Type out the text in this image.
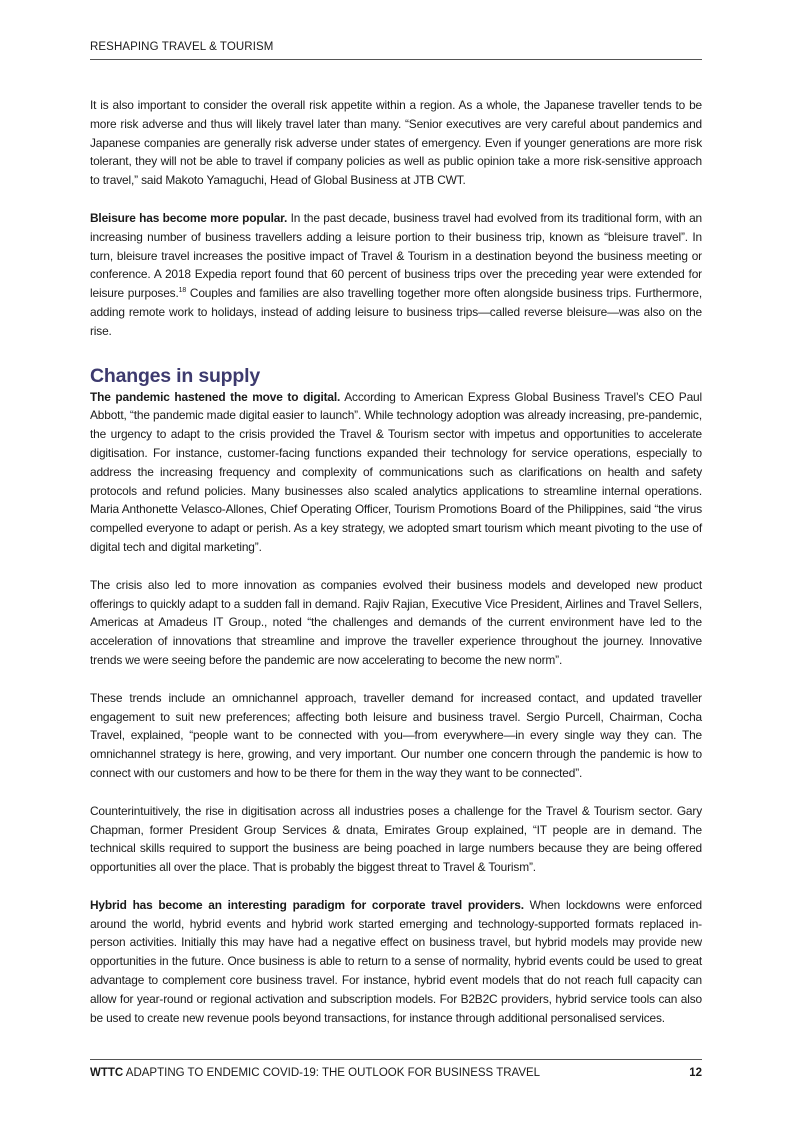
RESHAPING TRAVEL & TOURISM

It is also important to consider the overall risk appetite within a region. As a whole, the Japanese traveller tends to be more risk adverse and thus will likely travel later than many. “Senior executives are very careful about pandemics and Japanese companies are generally risk adverse under states of emergency. Even if younger generations are more risk tolerant, they will not be able to travel if company policies as well as public opinion take a more risk-sensitive approach to travel,” said Makoto Yamaguchi, Head of Global Business at JTB CWT.

Bleisure has become more popular. In the past decade, business travel had evolved from its traditional form, with an increasing number of business travellers adding a leisure portion to their business trip, known as “bleisure travel”. In turn, bleisure travel increases the positive impact of Travel & Tourism in a destination beyond the business meeting or conference. A 2018 Expedia report found that 60 percent of business trips over the preceding year were extended for leisure purposes.$^{18}$ Couples and families are also travelling together more often alongside business trips. Furthermore, adding remote work to holidays, instead of adding leisure to business trips—called reverse bleisure—was also on the rise.

Changes in supply

The pandemic hastened the move to digital. According to American Express Global Business Travel’s CEO Paul Abbott, “the pandemic made digital easier to launch”. While technology adoption was already increasing, pre-pandemic, the urgency to adapt to the crisis provided the Travel & Tourism sector with impetus and opportunities to accelerate digitisation. For instance, customer-facing functions expanded their technology for service operations, especially to address the increasing frequency and complexity of communications such as clarifications on health and safety protocols and refund policies. Many businesses also scaled analytics applications to streamline internal operations. Maria Anthonette Velasco-Allones, Chief Operating Officer, Tourism Promotions Board of the Philippines, said “the virus compelled everyone to adapt or perish. As a key strategy, we adopted smart tourism which meant pivoting to the use of digital tech and digital marketing”.

The crisis also led to more innovation as companies evolved their business models and developed new product offerings to quickly adapt to a sudden fall in demand. Rajiv Rajian, Executive Vice President, Airlines and Travel Sellers, Americas at Amadeus IT Group., noted “the challenges and demands of the current environment have led to the acceleration of innovations that streamline and improve the traveller experience throughout the journey. Innovative trends we were seeing before the pandemic are now accelerating to become the new norm”.

These trends include an omnichannel approach, traveller demand for increased contact, and updated traveller engagement to suit new preferences; affecting both leisure and business travel. Sergio Purcell, Chairman, Cocha Travel, explained, “people want to be connected with you—from everywhere—in every single way they can. The omnichannel strategy is here, growing, and very important. Our number one concern through the pandemic is how to connect with our customers and how to be there for them in the way they want to be connected”.

Counterintuitively, the rise in digitisation across all industries poses a challenge for the Travel & Tourism sector. Gary Chapman, former President Group Services & dnata, Emirates Group explained, “IT people are in demand. The technical skills required to support the business are being poached in large numbers because they are being offered opportunities all over the place. That is probably the biggest threat to Travel & Tourism”.

Hybrid has become an interesting paradigm for corporate travel providers. When lockdowns were enforced around the world, hybrid events and hybrid work started emerging and technology-supported formats replaced in-person activities. Initially this may have had a negative effect on business travel, but hybrid models may provide new opportunities in the future. Once business is able to return to a sense of normality, hybrid events could be used to great advantage to complement core business travel. For instance, hybrid event models that do not reach full capacity can allow for year-round or regional activation and subscription models. For B2B2C providers, hybrid service tools can also be used to create new revenue pools beyond transactions, for instance through additional personalised services.

WTTC ADAPTING TO ENDEMIC COVID-19: THE OUTLOOK FOR BUSINESS TRAVEL	12
